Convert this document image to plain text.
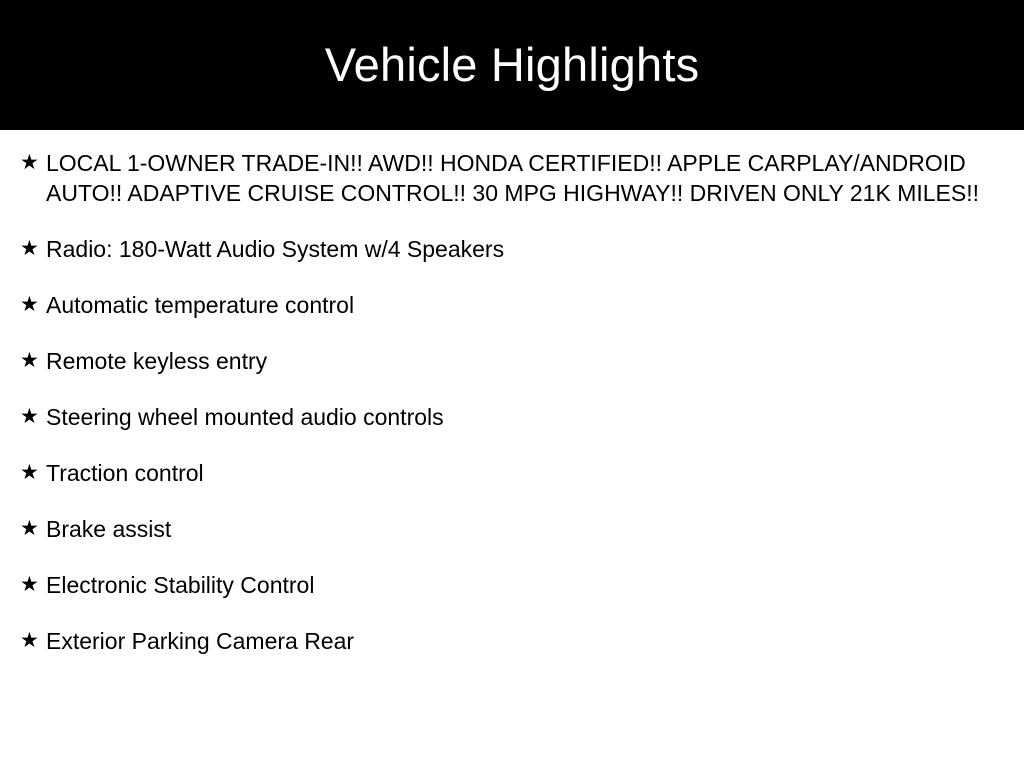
Vehicle Highlights
★ LOCAL 1-OWNER TRADE-IN!! AWD!! HONDA CERTIFIED!! APPLE CARPLAY/ANDROID AUTO!! ADAPTIVE CRUISE CONTROL!! 30 MPG HIGHWAY!! DRIVEN ONLY 21K MILES!!
★ Radio: 180-Watt Audio System w/4 Speakers
★ Automatic temperature control
★ Remote keyless entry
★ Steering wheel mounted audio controls
★ Traction control
★ Brake assist
★ Electronic Stability Control
★ Exterior Parking Camera Rear
